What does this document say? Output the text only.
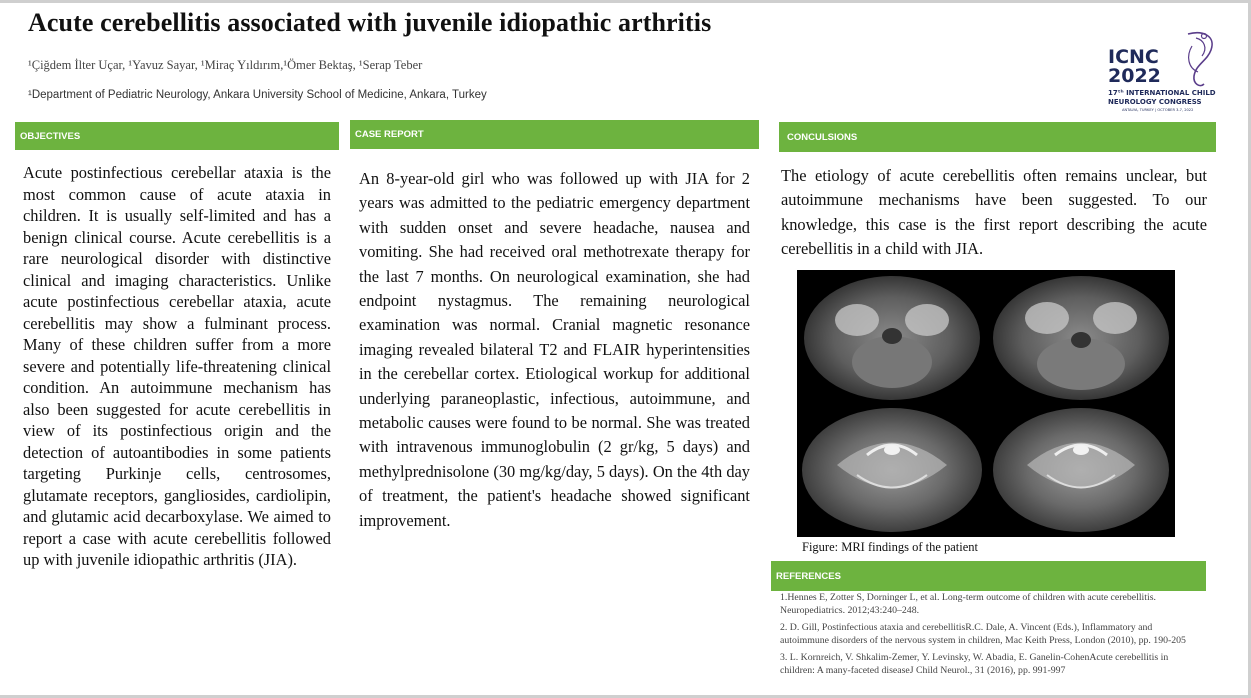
Acute cerebellitis associated with juvenile idiopathic arthritis
¹Çiğdem İlter Uçar, ¹Yavuz Sayar, ¹Miraç Yıldırım,¹Ömer Bektaş, ¹Serap Teber
¹Department of Pediatric Neurology, Ankara University School of Medicine, Ankara, Turkey
ICNC
2022
17ᵗʰ INTERNATIONAL CHILD
NEUROLOGY CONGRESS
ANTALYA, TURKEY | OCTOBER 3-7, 2022
OBJECTIVES	CASE REPORT	CONCULSIONS
REFERENCES
Acute postinfectious cerebellar ataxia is the most common cause of acute ataxia in children. It is usually self-limited and has a benign clinical course. Acute cerebellitis is a rare neurological disorder with distinctive clinical and imaging characteristics. Unlike acute postinfectious cerebellar ataxia, acute cerebellitis may show a fulminant process. Many of these children suffer from a more severe and potentially life-threatening clinical condition. An autoimmune mechanism has also been suggested for acute cerebellitis in view of its postinfectious origin and the detection of autoantibodies in some patients targeting Purkinje cells, centrosomes, glutamate receptors, gangliosides, cardiolipin, and glutamic acid decarboxylase. We aimed to report a case with acute cerebellitis followed up with juvenile idiopathic arthritis (JIA).
An 8-year-old girl who was followed up with JIA for 2 years was admitted to the pediatric emergency department with sudden onset and severe headache, nausea and vomiting. She had received oral methotrexate therapy for the last 7 months. On neurological examination, she had endpoint nystagmus. The remaining neurological examination was normal. Cranial magnetic resonance imaging revealed bilateral T2 and FLAIR hyperintensities in the cerebellar cortex. Etiological workup for additional underlying paraneoplastic, infectious, autoimmune, and metabolic causes were found to be normal. She was treated with intravenous immunoglobulin (2 gr/kg, 5 days) and methylprednisolone (30 mg/kg/day, 5 days). On the 4th day of treatment, the patient's headache showed significant improvement.
The etiology of acute cerebellitis often remains unclear, but autoimmune mechanisms have been suggested. To our knowledge, this case is the first report describing the acute cerebellitis in a child with JIA.
Figure: MRI findings of the patient

1.Hennes E, Zotter S, Dorninger L, et al. Long-term outcome of children with acute cerebellitis. Neuropediatrics. 2012;43:240–248.

2. D. Gill, Postinfectious ataxia and cerebellitisR.C. Dale, A. Vincent (Eds.), Inflammatory and autoimmune disorders of the nervous system in children, Mac Keith Press, London (2010), pp. 190-205

3. L. Kornreich, V. Shkalim-Zemer, Y. Levinsky, W. Abadia, E. Ganelin-CohenAcute cerebellitis in children: A many-faceted diseaseJ Child Neurol., 31 (2016), pp. 991-997
